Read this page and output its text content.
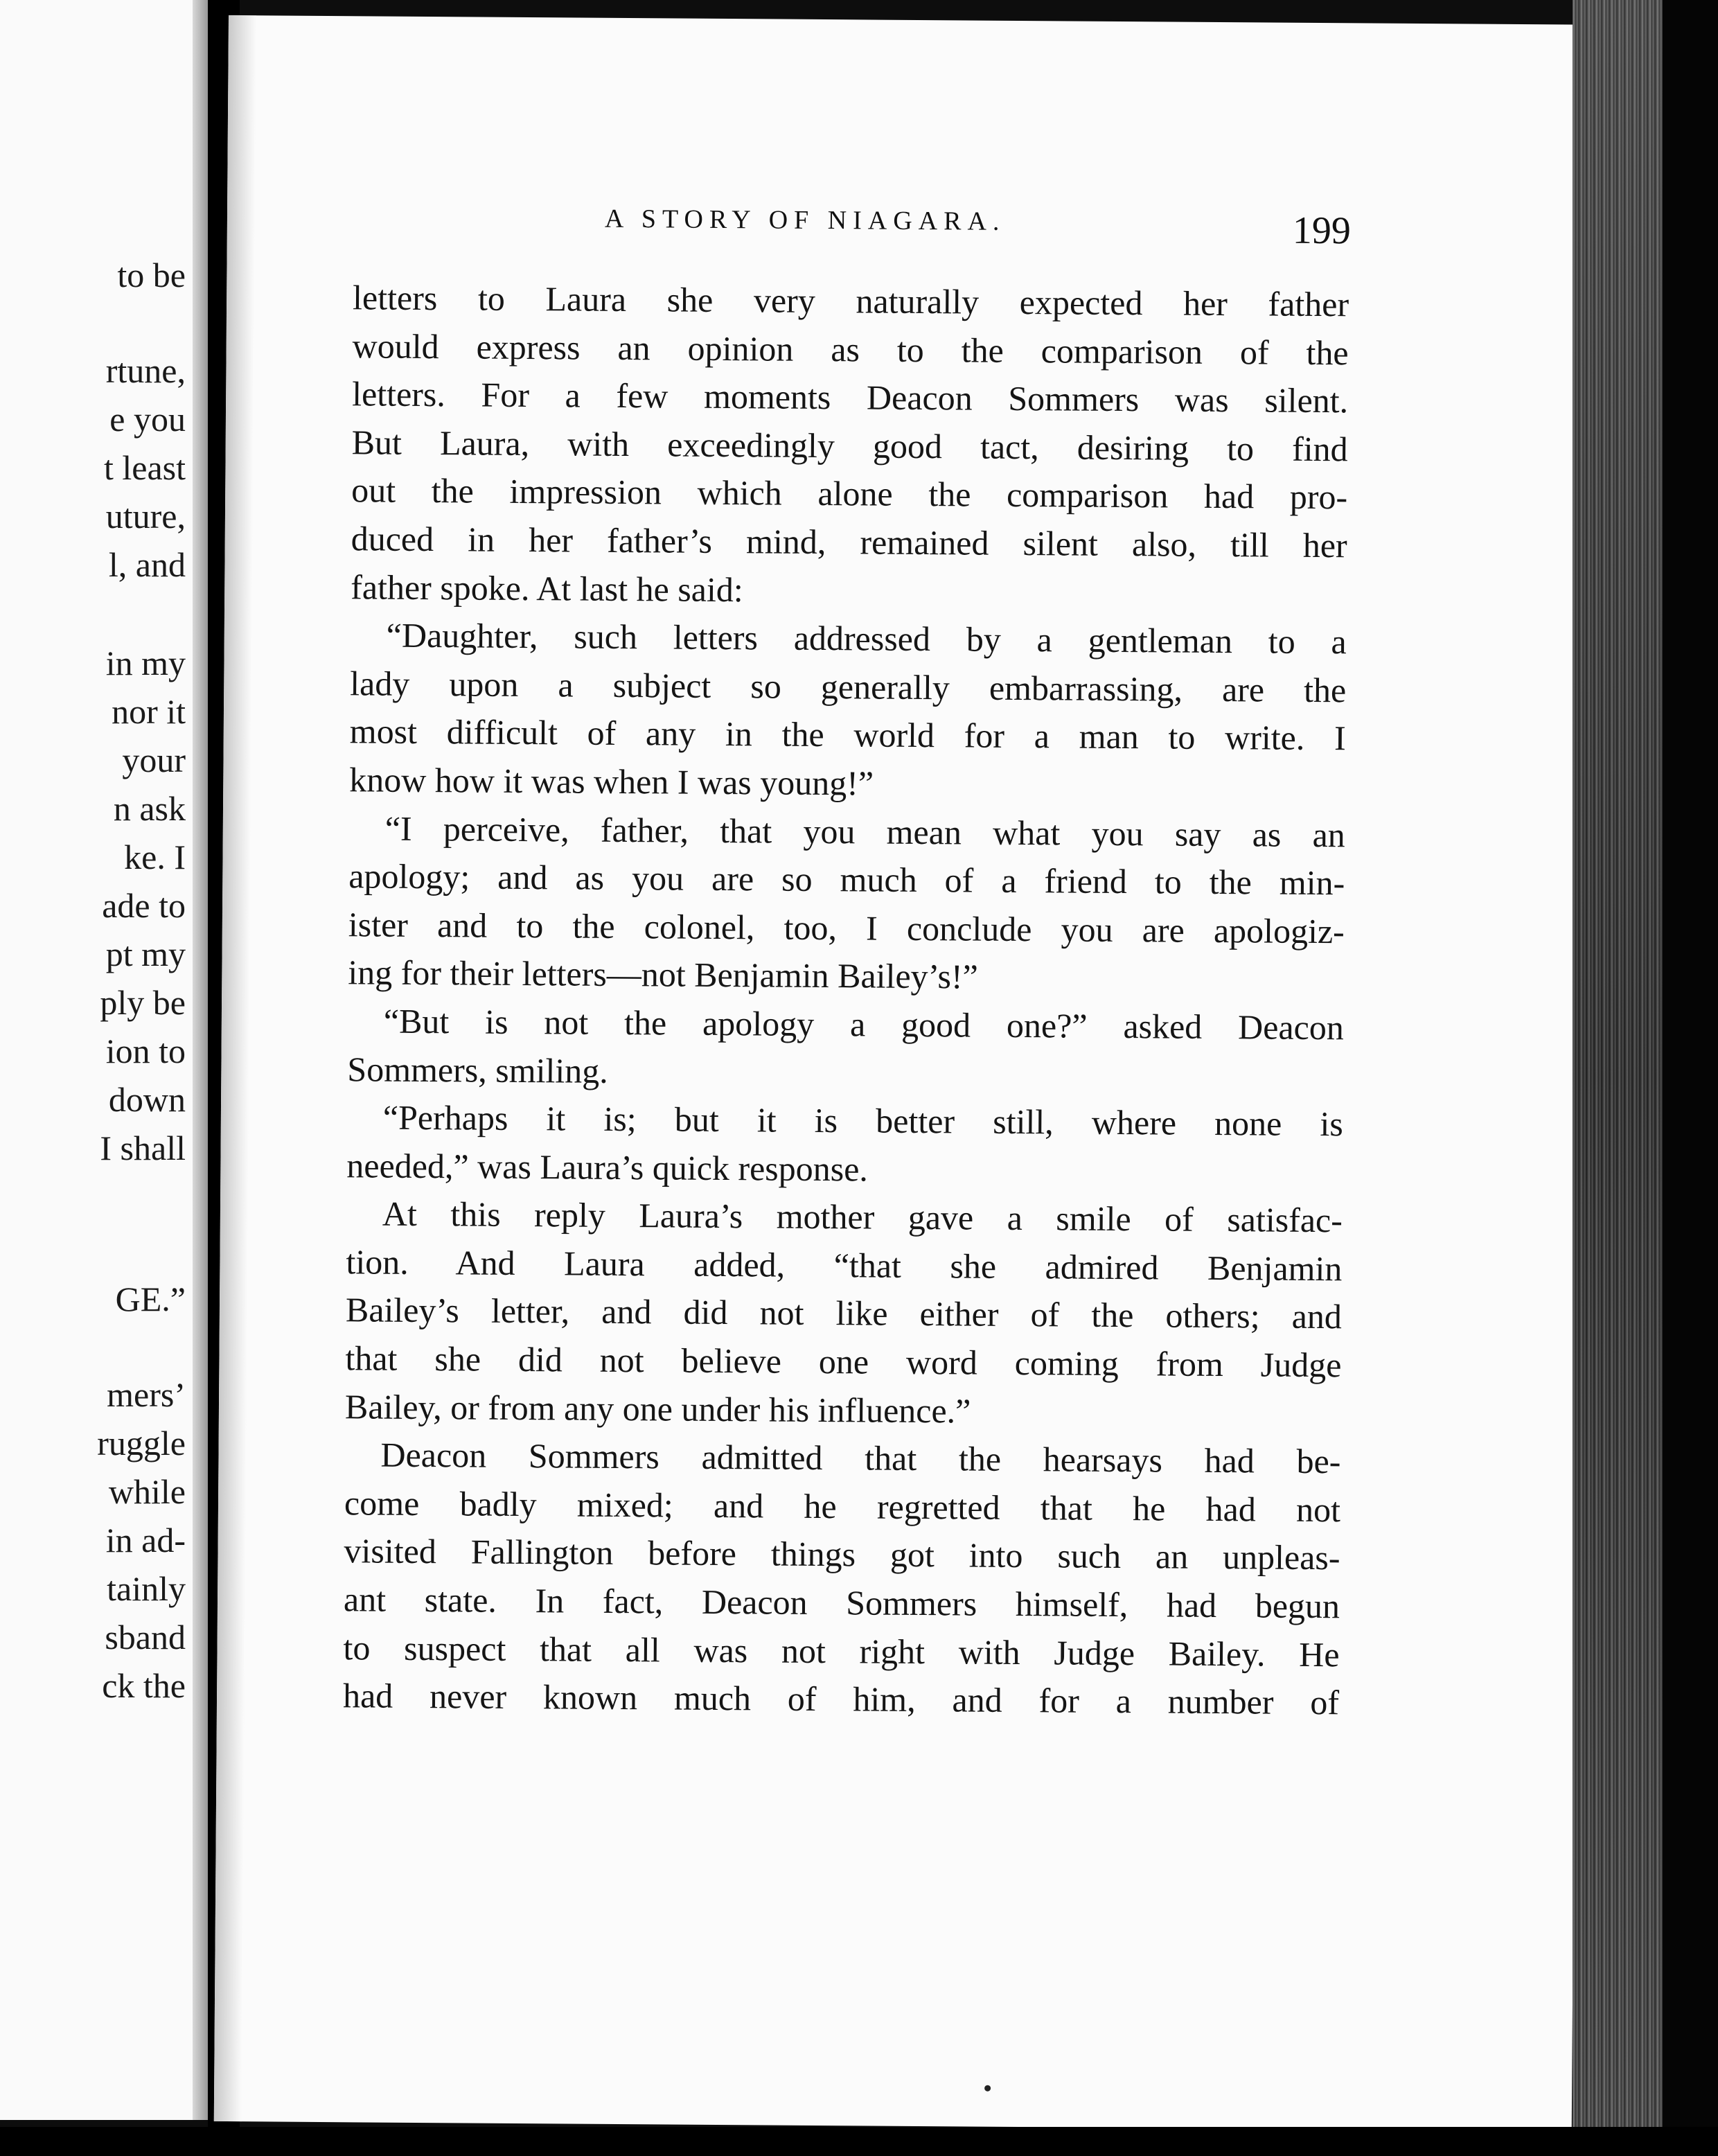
to be

rtune,

e you

t least

uture,

l, and

in my

nor it

your

n ask

ke. I

ade to

pt my

ply be

ion to

down

I shall

GE.”

mers’

ruggle

while

in ad-

tainly

sband

ck the

A STORY OF NIAGARA.	199

letters to Laura she very naturally expected her father

would express an opinion as to the comparison of the

letters. For a few moments Deacon Sommers was silent.

But Laura, with exceedingly good tact, desiring to find

out the impression which alone the comparison had pro-

duced in her father’s mind, remained silent also, till her

father spoke. At last he said:

“Daughter, such letters addressed by a gentleman to a

lady upon a subject so generally embarrassing, are the

most difficult of any in the world for a man to write. I

know how it was when I was young!”

“I perceive, father, that you mean what you say as an

apology; and as you are so much of a friend to the min-

ister and to the colonel, too, I conclude you are apologiz-

ing for their letters—not Benjamin Bailey’s!”

“But is not the apology a good one?” asked Deacon

Sommers, smiling.

“Perhaps it is; but it is better still, where none is

needed,” was Laura’s quick response.

At this reply Laura’s mother gave a smile of satisfac-

tion. And Laura added, “that she admired Benjamin

Bailey’s letter, and did not like either of the others; and

that she did not believe one word coming from Judge

Bailey, or from any one under his influence.”

Deacon Sommers admitted that the hearsays had be-

come badly mixed; and he regretted that he had not

visited Fallington before things got into such an unpleas-

ant state. In fact, Deacon Sommers himself, had begun

to suspect that all was not right with Judge Bailey. He

had never known much of him, and for a number of
